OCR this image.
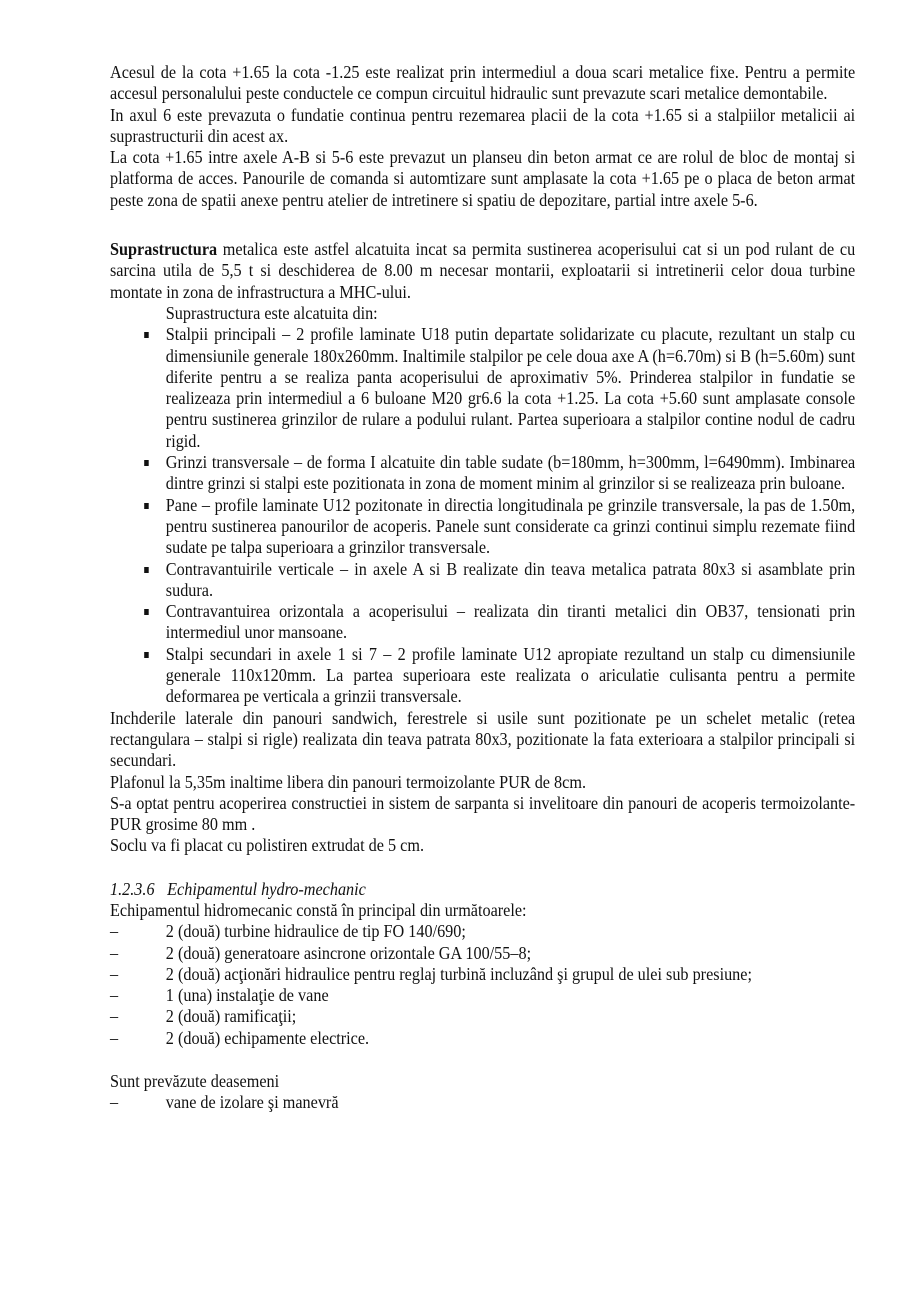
Acesul de la cota +1.65 la cota -1.25 este realizat prin intermediul a doua scari metalice fixe. Pentru a permite accesul personalului peste conductele ce compun circuitul hidraulic sunt prevazute scari metalice demontabile.

In axul 6 este prevazuta o fundatie continua pentru rezemarea placii de la cota +1.65 si a stalpiilor metalicii ai suprastructurii din acest ax.

La cota +1.65 intre axele A-B si 5-6 este prevazut un planseu din beton armat ce are rolul de bloc de montaj si platforma de acces. Panourile de comanda si automtizare sunt amplasate la cota +1.65 pe o placa de beton armat peste zona de spatii anexe pentru atelier de intretinere si spatiu de depozitare, partial intre axele 5-6.

Suprastructura metalica este astfel alcatuita incat sa permita sustinerea acoperisului cat si un pod rulant de cu sarcina utila de 5,5 t si deschiderea de 8.00 m necesar montarii, exploatarii si intretinerii celor doua turbine montate in zona de infrastructura a MHC-ului.

Suprastructura este alcatuita din:

Stalpii principali – 2 profile laminate U18 putin departate solidarizate cu placute, rezultant un stalp cu dimensiunile generale 180x260mm. Inaltimile stalpilor pe cele doua axe A (h=6.70m) si B (h=5.60m) sunt diferite pentru a se realiza panta acoperisului de aproximativ 5%. Prinderea stalpilor in fundatie se realizeaza prin intermediul a 6 buloane M20 gr6.6 la cota +1.25. La cota +5.60 sunt amplasate console pentru sustinerea grinzilor de rulare a podului rulant. Partea superioara a stalpilor contine nodul de cadru rigid.
Grinzi transversale – de forma I alcatuite din table sudate (b=180mm, h=300mm, l=6490mm). Imbinarea dintre grinzi si stalpi este pozitionata in zona de moment minim al grinzilor si se realizeaza prin buloane.
Pane – profile laminate U12 pozitonate in directia longitudinala pe grinzile transversale, la pas de 1.50m, pentru sustinerea panourilor de acoperis. Panele sunt considerate ca grinzi continui simplu rezemate fiind sudate pe talpa superioara a grinzilor transversale.
Contravantuirile verticale – in axele A si B realizate din teava metalica patrata 80x3 si asamblate prin sudura.
Contravantuirea orizontala a acoperisului – realizata din tiranti metalici din OB37, tensionati prin intermediul unor mansoane.
Stalpi secundari in axele 1 si 7 – 2 profile laminate U12 apropiate rezultand un stalp cu dimensiunile generale 110x120mm. La partea superioara este realizata o ariculatie culisanta pentru a permite deformarea pe verticala a grinzii transversale.

Inchderile laterale din panouri sandwich, ferestrele si usile sunt pozitionate pe un schelet metalic (retea rectangulara – stalpi si rigle) realizata din teava patrata 80x3, pozitionate la fata exterioara a stalpilor principali si secundari.

Plafonul la 5,35m inaltime libera din panouri termoizolante PUR de 8cm.

S-a optat pentru acoperirea constructiei in sistem de sarpanta si invelitoare din panouri de acoperis termoizolante-PUR grosime 80 mm .

Soclu va fi placat cu polistiren extrudat de 5 cm.

1.2.3.6 Echipamentul hydro-mechanic

Echipamentul hidromecanic constă în principal din următoarele:

–	2 (două) turbine hidraulice de tip FO 140/690;
–	2 (două) generatoare asincrone orizontale GA 100/55–8;
–	2 (două) acţionări hidraulice pentru reglaj turbină incluzând şi grupul de ulei sub presiune;
–	1 (una) instalaţie de vane
–	2 (două) ramificaţii;
–	2 (două) echipamente electrice.

Sunt prevăzute deasemeni

–	vane de izolare şi manevră
